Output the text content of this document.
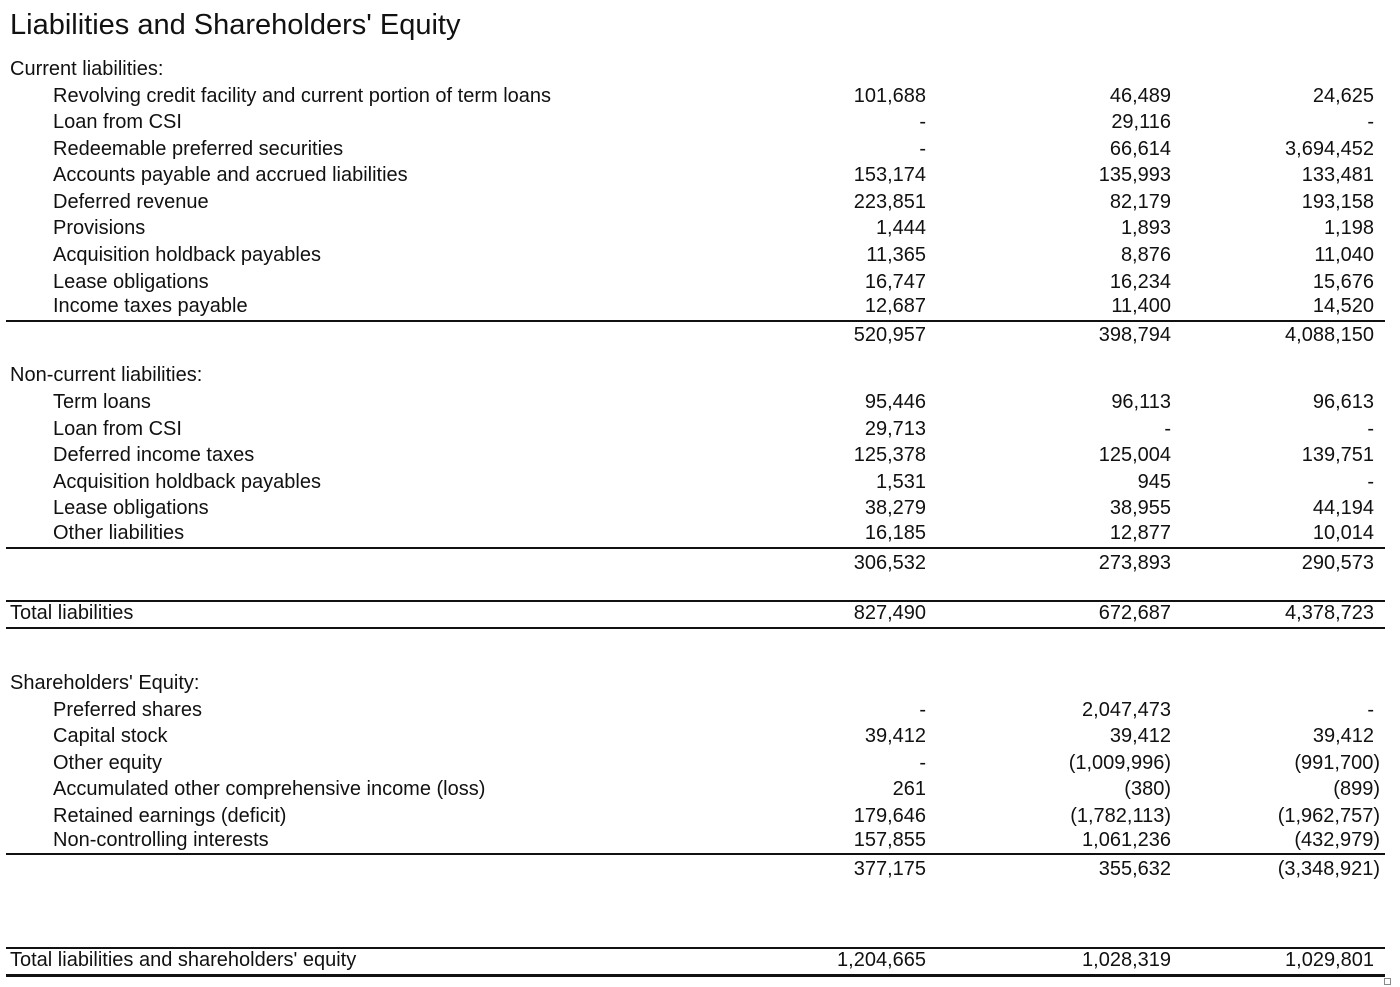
Liabilities and Shareholders' Equity
Current liabilities:
Revolving credit facility and current portion of term loans	101,688	46,489	24,625
Loan from CSI	-	29,116	-
Redeemable preferred securities	-	66,614	3,694,452
Accounts payable and accrued liabilities	153,174	135,993	133,481
Deferred revenue	223,851	82,179	193,158
Provisions	1,444	1,893	1,198
Acquisition holdback payables	11,365	8,876	11,040
Lease obligations	16,747	16,234	15,676
Income taxes payable	12,687	11,400	14,520
520,957	398,794	4,088,150
Non-current liabilities:
Term loans	95,446	96,113	96,613
Loan from CSI	29,713	-	-
Deferred income taxes	125,378	125,004	139,751
Acquisition holdback payables	1,531	945	-
Lease obligations	38,279	38,955	44,194
Other liabilities	16,185	12,877	10,014
306,532	273,893	290,573
Total liabilities	827,490	672,687	4,378,723
Shareholders' Equity:
Preferred shares	-	2,047,473	-
Capital stock	39,412	39,412	39,412
Other equity	-	(1,009,996)	(991,700)
Accumulated other comprehensive income (loss)	261	(380)	(899)
Retained earnings (deficit)	179,646	(1,782,113)	(1,962,757)
Non-controlling interests	157,855	1,061,236	(432,979)
377,175	355,632	(3,348,921)
Total liabilities and shareholders' equity	1,204,665	1,028,319	1,029,801
